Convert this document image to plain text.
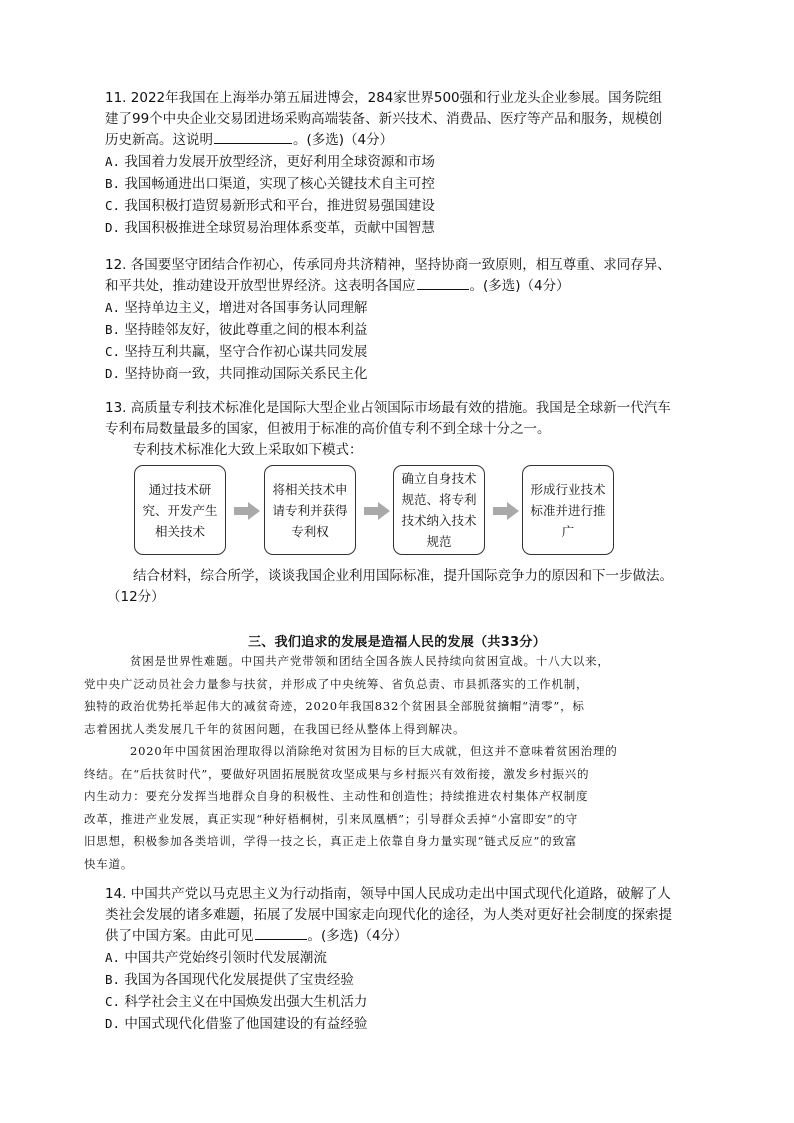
11. 2022年我国在上海举办第五届进博会，284家世界500强和行业龙头企业参展。国务院组
建了99个中央企业交易团进场采购高端装备、新兴技术、消费品、医疗等产品和服务，规模创
历史新高。这说明	。(多选)（4分）

A. 我国着力发展开放型经济，更好利用全球资源和市场
B. 我国畅通进出口渠道，实现了核心关键技术自主可控
C. 我国积极打造贸易新形式和平台，推进贸易强国建设
D. 我国积极推进全球贸易治理体系变革，贡献中国智慧

12. 各国要坚守团结合作初心，传承同舟共济精神，坚持协商一致原则，相互尊重、求同存异、
和平共处，推动建设开放型世界经济。这表明各国应	。(多选)（4分）

A. 坚持单边主义，增进对各国事务认同理解
B. 坚持睦邻友好，彼此尊重之间的根本利益
C. 坚持互利共赢，坚守合作初心谋共同发展
D. 坚持协商一致，共同推动国际关系民主化

13. 高质量专利技术标准化是国际大型企业占领国际市场最有效的措施。我国是全球新一代汽车
专利布局数量最多的国家，但被用于标准的高价值专利不到全球十分之一。
专利技术标准化大致上采取如下模式：

通过技术研究、开发产生相关技术
将相关技术申请专利并获得专利权
确立自身技术规范、将专利技术纳入技术规范
形成行业技术标准并进行推广

结合材料，综合所学，谈谈我国企业利用国际标准，提升国际竞争力的原因和下一步做法。
（12分）

三、我们追求的发展是造福人民的发展（共33分）

贫困是世界性难题。中国共产党带领和团结全国各族人民持续向贫困宣战。十八大以来，
党中央广泛动员社会力量参与扶贫，并形成了中央统筹、省负总责、市县抓落实的工作机制，
独特的政治优势托举起伟大的减贫奇迹，2020年我国832个贫困县全部脱贫摘帽“清零”，标
志着困扰人类发展几千年的贫困问题，在我国已经从整体上得到解决。

2020年中国贫困治理取得以消除绝对贫困为目标的巨大成就，但这并不意味着贫困治理的
终结。在“后扶贫时代”，要做好巩固拓展脱贫攻坚成果与乡村振兴有效衔接，激发乡村振兴的
内生动力：要充分发挥当地群众自身的积极性、主动性和创造性；持续推进农村集体产权制度
改革，推进产业发展，真正实现“种好梧桐树，引来凤凰栖”；引导群众丢掉“小富即安”的守
旧思想，积极参加各类培训，学得一技之长，真正走上依靠自身力量实现“链式反应”的致富
快车道。

14. 中国共产党以马克思主义为行动指南，领导中国人民成功走出中国式现代化道路，破解了人
类社会发展的诸多难题，拓展了发展中国家走向现代化的途径，为人类对更好社会制度的探索提
供了中国方案。由此可见	。(多选)（4分）

A. 中国共产党始终引领时代发展潮流
B. 我国为各国现代化发展提供了宝贵经验
C. 科学社会主义在中国焕发出强大生机活力
D. 中国式现代化借鉴了他国建设的有益经验
